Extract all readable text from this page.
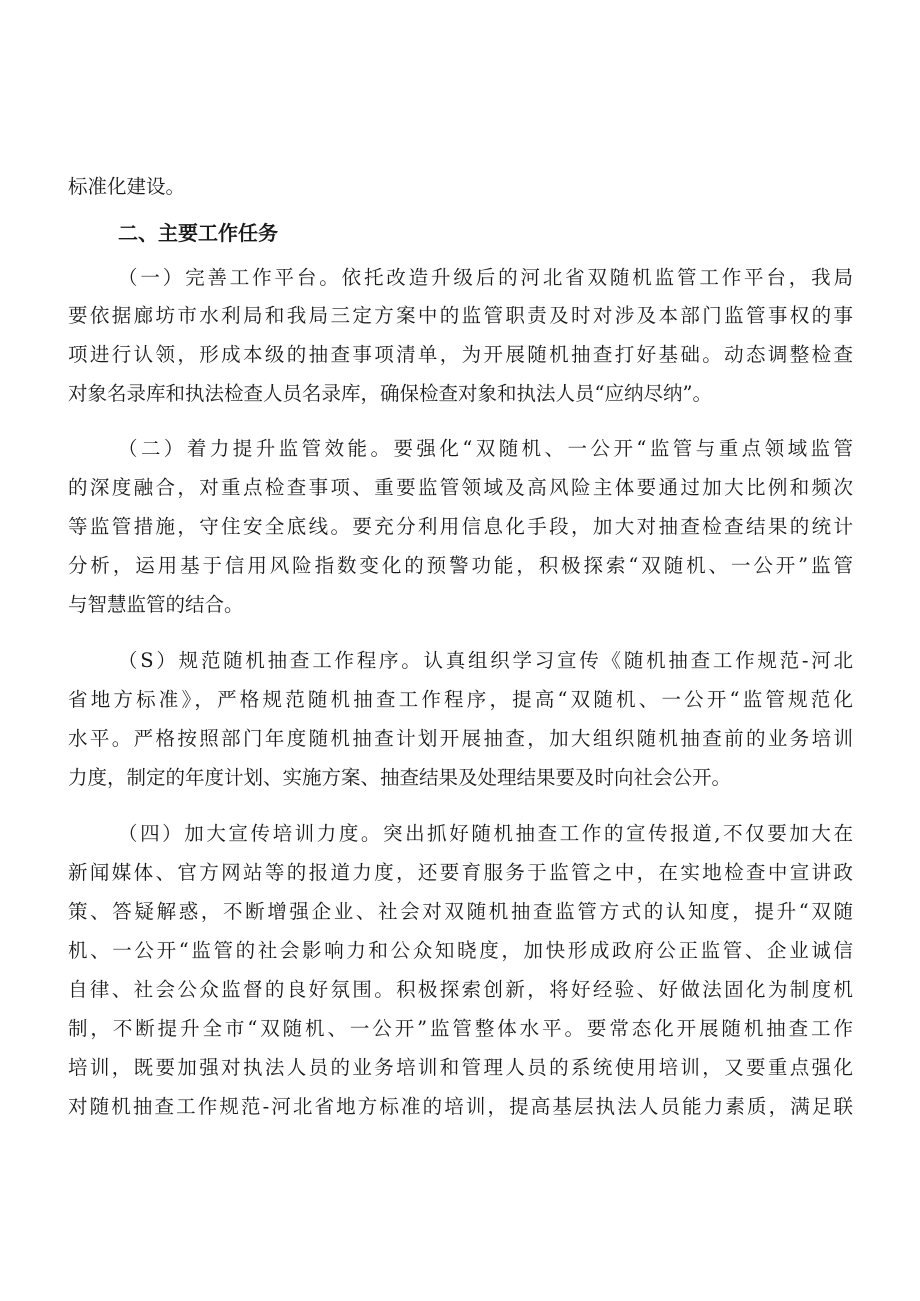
标准化建设。
二、主要工作任务
（一）完善工作平台。依托改造升级后的河北省双随机监管工作平台，我局
要依据廊坊市水利局和我局三定方案中的监管职责及时对涉及本部门监管事权的事
项进行认领，形成本级的抽查事项清单，为开展随机抽查打好基础。动态调整检查
对象名录库和执法检查人员名录库，确保检查对象和执法人员“应纳尽纳”。
（二）着力提升监管效能。要强化“双随机、一公开“监管与重点领域监管
的深度融合，对重点检查事项、重要监管领域及高风险主体要通过加大比例和频次
等监管措施，守住安全底线。要充分利用信息化手段，加大对抽查检查结果的统计
分析，运用基于信用风险指数变化的预警功能，积极探索“双随机、一公开”监管
与智慧监管的结合。
（S）规范随机抽查工作程序。认真组织学习宣传《随机抽查工作规范-河北
省地方标准》，严格规范随机抽查工作程序，提高“双随机、一公开“监管规范化
水平。严格按照部门年度随机抽查计划开展抽查，加大组织随机抽查前的业务培训
力度，制定的年度计划、实施方案、抽查结果及处理结果要及时向社会公开。
（四）加大宣传培训力度。突出抓好随机抽查工作的宣传报道,不仅要加大在
新闻媒体、官方网站等的报道力度，还要育服务于监管之中，在实地检查中宣讲政
策、答疑解惑，不断增强企业、社会对双随机抽查监管方式的认知度，提升“双随
机、一公开“监管的社会影响力和公众知晓度，加快形成政府公正监管、企业诚信
自律、社会公众监督的良好氛围。积极探索创新，将好经验、好做法固化为制度机
制，不断提升全市“双随机、一公开”监管整体水平。要常态化开展随机抽查工作
培训，既要加强对执法人员的业务培训和管理人员的系统使用培训，又要重点强化
对随机抽查工作规范-河北省地方标准的培训，提高基层执法人员能力素质，满足联
